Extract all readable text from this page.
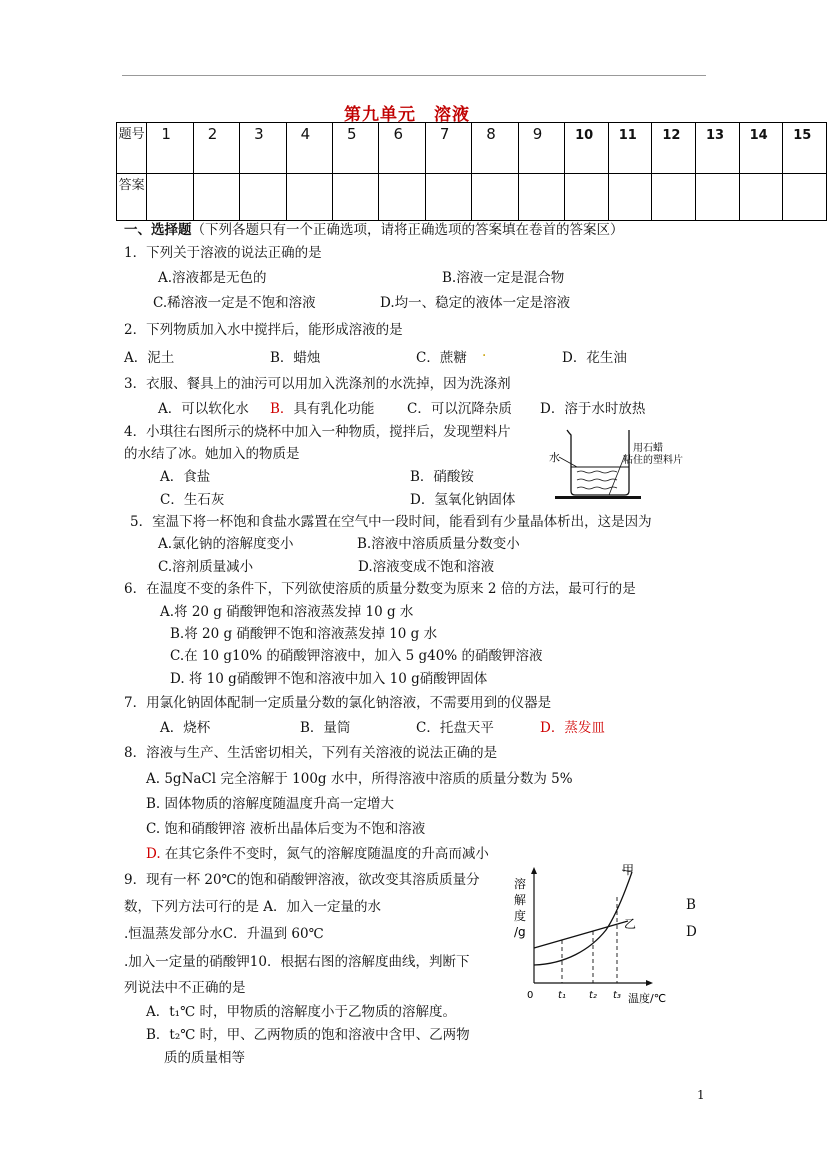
第九单元　溶液
题号	1	2	3	4	5	6	7	8	9	10	11	12	13	14	15
答案															
一、选择题（下列各题只有一个正确选项，请将正确选项的答案填在卷首的答案区）
1．下列关于溶液的说法正确的是
A.溶液都是无色的	B.溶液一定是混合物
C.稀溶液一定是不饱和溶液	D.均一、稳定的液体一定是溶液
2．下列物质加入水中搅拌后，能形成溶液的是
A．泥土	B．蜡烛	C．蔗糖 .	D．花生油
3．衣服、餐具上的油污可以用加入洗涤剂的水洗掉，因为洗涤剂
A．可以软化水 B．具有乳化功能 C．可以沉降杂质 D．溶于水时放热
4．小琪往右图所示的烧杯中加入一种物质，搅拌后，发现塑料片
的水结了冰。她加入的物质是
A．食盐	B．硝酸铵
C．生石灰	D．氢氧化钠固体
水
用石蜡
粘住的塑料片
5．室温下将一杯饱和食盐水露置在空气中一段时间，能看到有少量晶体析出，这是因为
A.氯化钠的溶解度变小	B.溶液中溶质质量分数变小
C.溶剂质量减小	D.溶液变成不饱和溶液
6．在温度不变的条件下，下列欲使溶质的质量分数变为原来 2 倍的方法，最可行的是
A.将 20 g 硝酸钾饱和溶液蒸发掉 10 g 水
B.将 20 g 硝酸钾不饱和溶液蒸发掉 10 g 水
C.在 10 g10% 的硝酸钾溶液中，加入 5 g40% 的硝酸钾溶液
D. 将 10 g硝酸钾不饱和溶液中加入 10 g硝酸钾固体
7．用氯化钠固体配制一定质量分数的氯化钠溶液，不需要用到的仪器是
A．烧杯	B．量筒	C．托盘天平	D．蒸发皿
8．溶液与生产、生活密切相关，下列有关溶液的说法正确的是
A. 5gNaCl 完全溶解于 100g 水中，所得溶液中溶质的质量分数为 5%
B. 固体物质的溶解度随温度升高一定增大
C. 饱和硝酸钾溶 液析出晶体后变为不饱和溶液
D. 在其它条件不变时，氮气的溶解度随温度的升高而减小
9．现有一杯 20℃的饱和硝酸钾溶液，欲改变其溶质质量分
数，下列方法可行的是 A．加入一定量的水	B
.恒温蒸发部分水C．升温到 60℃	D
.加入一定量的硝酸钾10．根据右图的溶解度曲线，判断下
列说法中不正确的是
A．t₁℃ 时，甲物质的溶解度小于乙物质的溶解度。
B．t₂℃ 时，甲、乙两物质的饱和溶液中含甲、乙两物
质的质量相等
溶
解
度
/g
0 t₁ t₂ t₃ 温度/℃
甲
乙
1
